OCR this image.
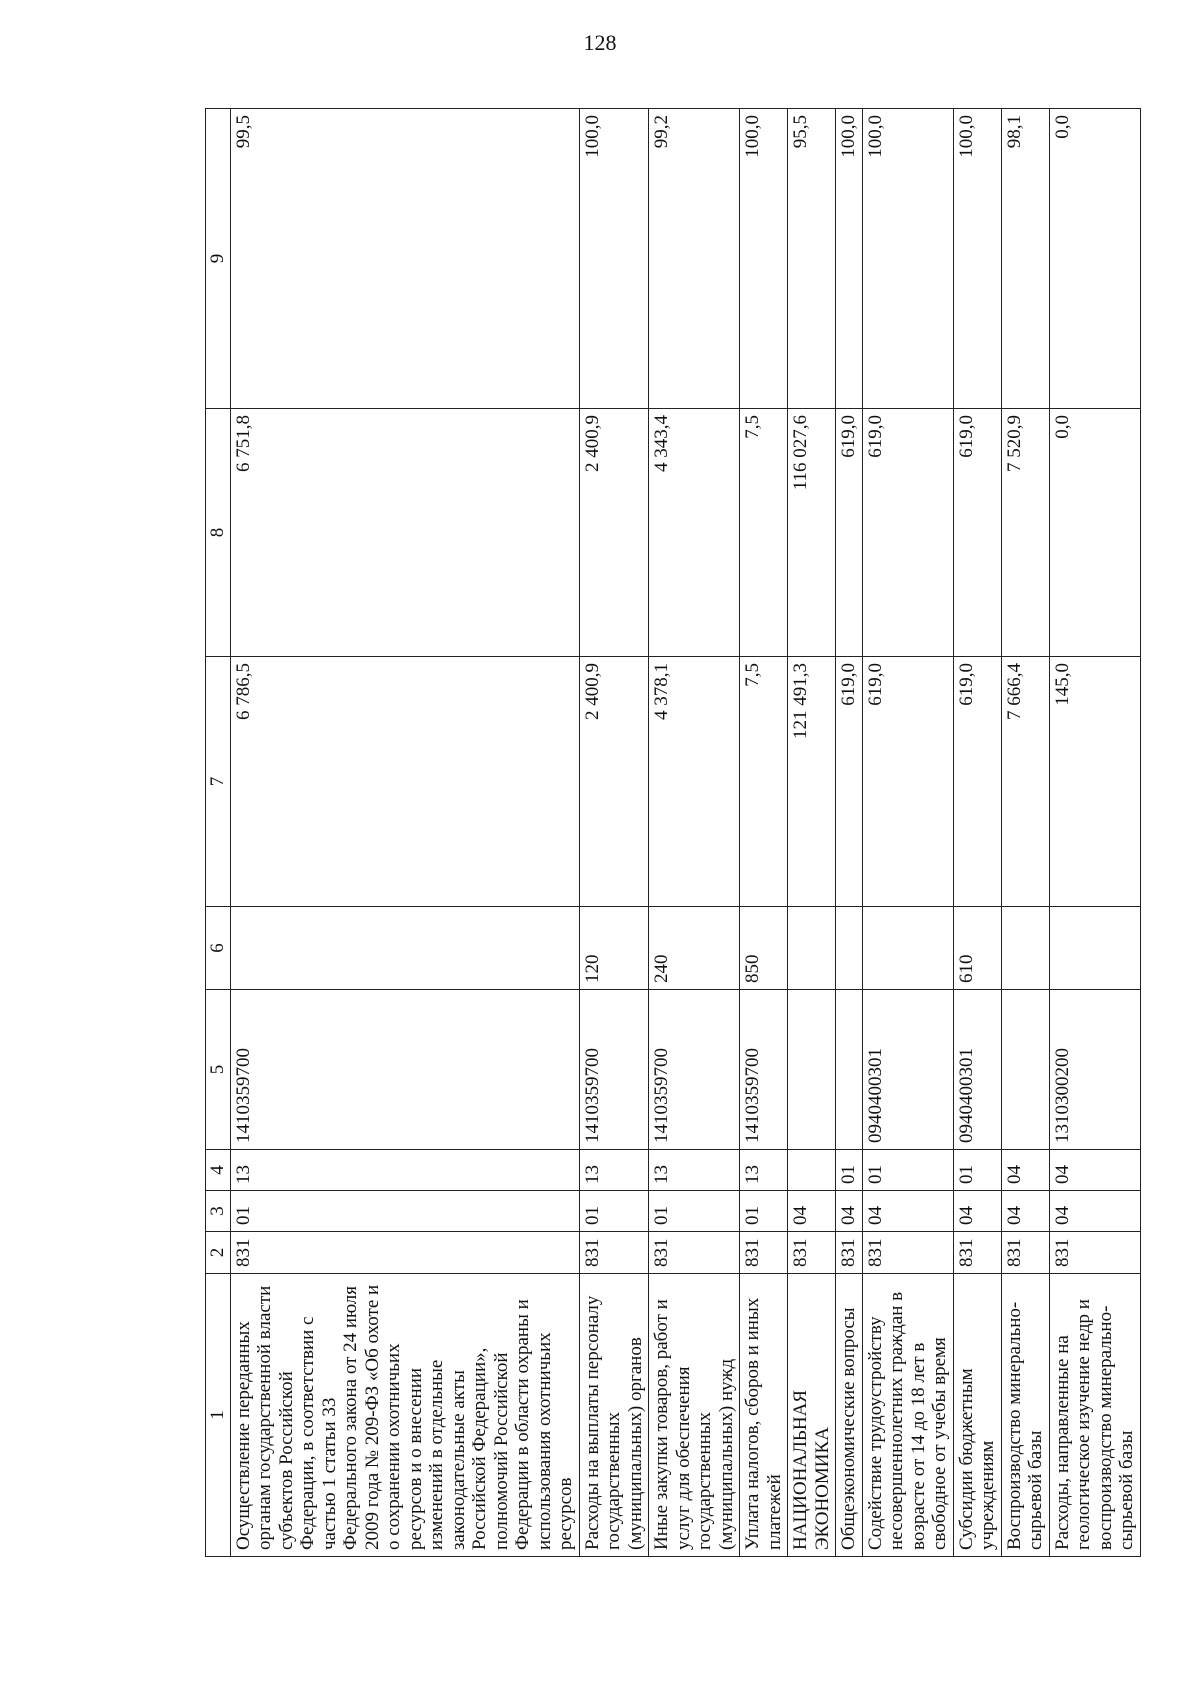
128
1	2	3	4	5	6	7	8	9
Осуществление переданных органам государственной власти субъектов Российской Федерации, в соответствии с частью 1 статьи 33 Федерального закона от 24 июля 2009 года № 209-ФЗ «Об охоте и о сохранении охотничьих ресурсов и о внесении изменений в отдельные законодательные акты Российской Федерации», полномочий Российской Федерации в области охраны и использования охотничьих ресурсов	831	01	13	1410359700		6 786,5	6 751,8	99,5
Расходы на выплаты персоналу государственных (муниципальных) органов	831	01	13	1410359700	120	2 400,9	2 400,9	100,0
Иные закупки товаров, работ и услуг для обеспечения государственных (муниципальных) нужд	831	01	13	1410359700	240	4 378,1	4 343,4	99,2
Уплата налогов, сборов и иных платежей	831	01	13	1410359700	850	7,5	7,5	100,0
НАЦИОНАЛЬНАЯ ЭКОНОМИКА	831	04				121 491,3	116 027,6	95,5
Общеэкономические вопросы	831	04	01			619,0	619,0	100,0
Содействие трудоустройству несовершеннолетних граждан в возрасте от 14 до 18 лет в свободное от учебы время	831	04	01	0940400301		619,0	619,0	100,0
Субсидии бюджетным учреждениям	831	04	01	0940400301	610	619,0	619,0	100,0
Воспроизводство минерально-сырьевой базы	831	04	04			7 666,4	7 520,9	98,1
Расходы, направленные на геологическое изучение недр и воспроизводство минерально-сырьевой базы	831	04	04	1310300200		145,0	0,0	0,0
